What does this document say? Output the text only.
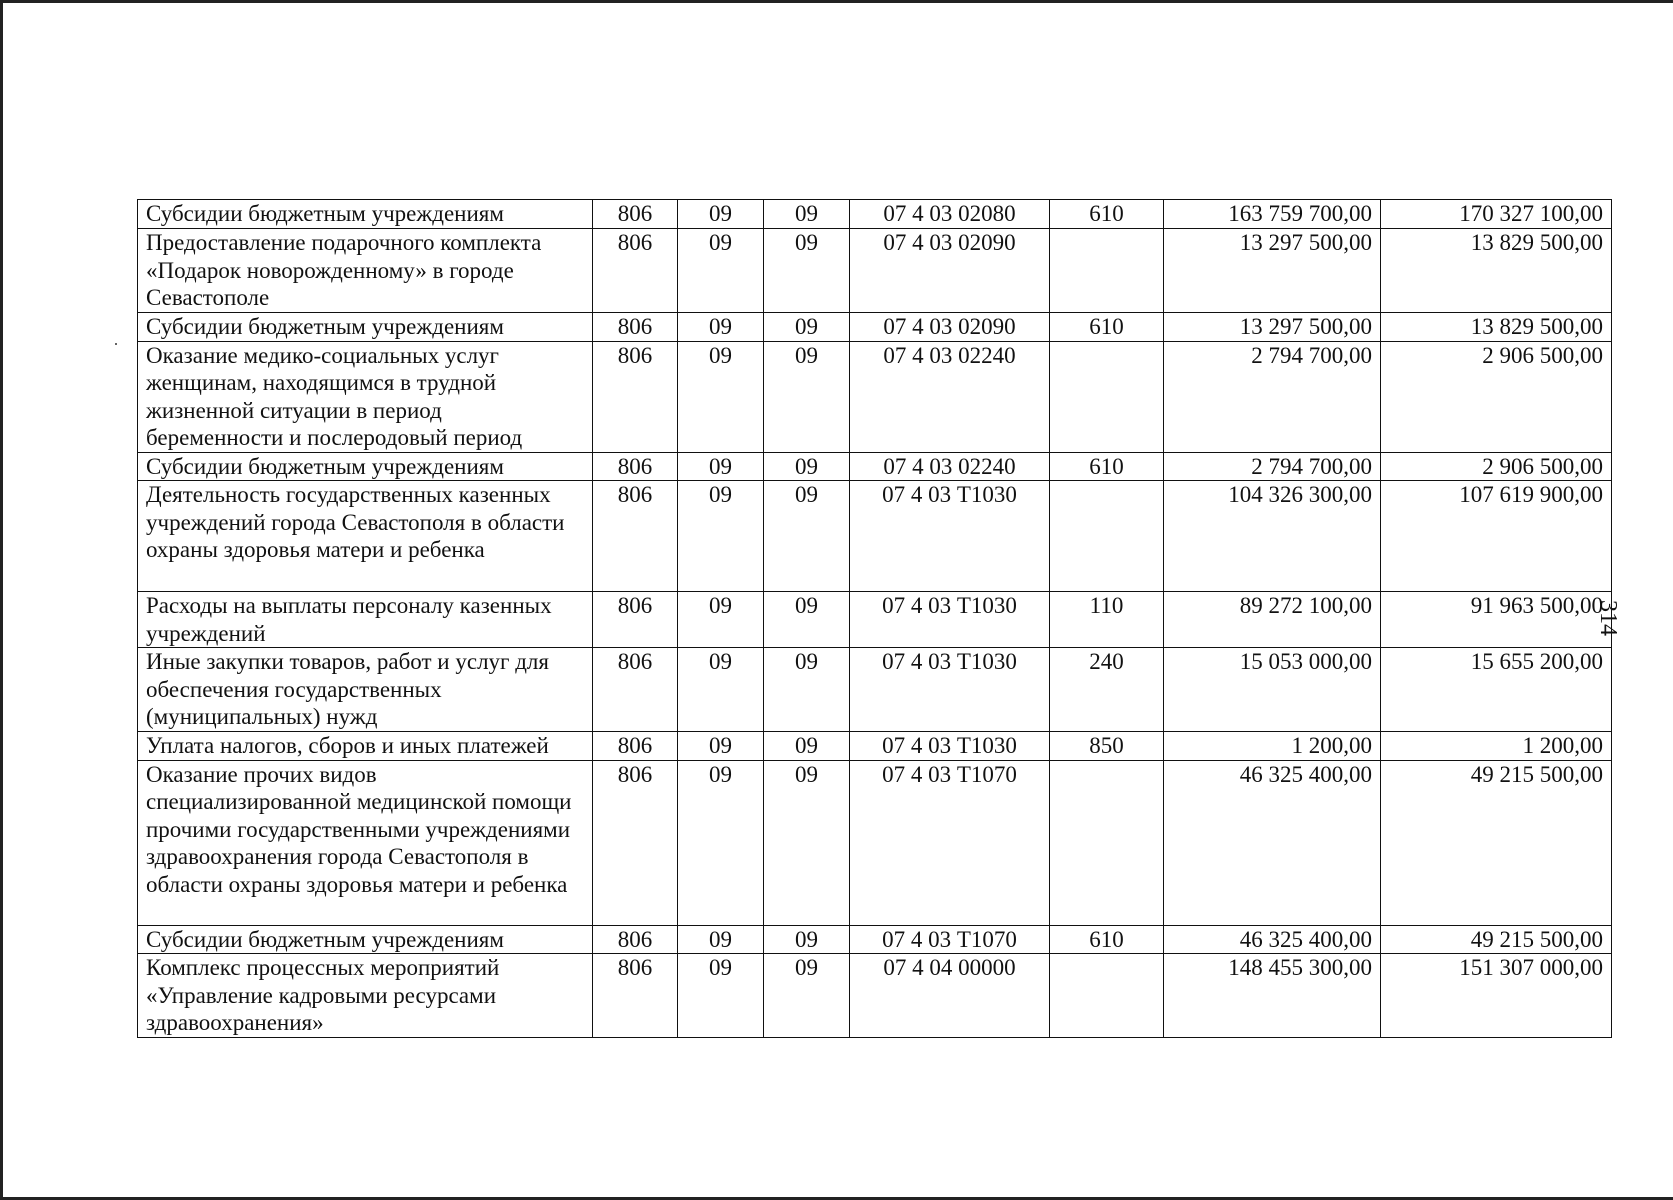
Субсидии бюджетным учреждениям	806	09	09	07 4 03 02080	610	163 759 700,00	170 327 100,00
Предоставление подарочного комплекта «Подарок новорожденному» в городе Севастополе	806	09	09	07 4 03 02090		13 297 500,00	13 829 500,00
Субсидии бюджетным учреждениям	806	09	09	07 4 03 02090	610	13 297 500,00	13 829 500,00
Оказание медико-социальных услуг женщинам, находящимся в трудной жизненной ситуации в период беременности и послеродовый период	806	09	09	07 4 03 02240		2 794 700,00	2 906 500,00
Субсидии бюджетным учреждениям	806	09	09	07 4 03 02240	610	2 794 700,00	2 906 500,00
Деятельность государственных казенных учреждений города Севастополя в области охраны здоровья матери и ребенка	806	09	09	07 4 03 Т1030		104 326 300,00	107 619 900,00
Расходы на выплаты персоналу казенных учреждений	806	09	09	07 4 03 Т1030	110	89 272 100,00	91 963 500,00
Иные закупки товаров, работ и услуг для обеспечения государственных (муниципальных) нужд	806	09	09	07 4 03 Т1030	240	15 053 000,00	15 655 200,00
Уплата налогов, сборов и иных платежей	806	09	09	07 4 03 Т1030	850	1 200,00	1 200,00
Оказание прочих видов специализированной медицинской помощи прочими государственными учреждениями здравоохранения города Севастополя в области охраны здоровья матери и ребенка	806	09	09	07 4 03 Т1070		46 325 400,00	49 215 500,00
Субсидии бюджетным учреждениям	806	09	09	07 4 03 Т1070	610	46 325 400,00	49 215 500,00
Комплекс процессных мероприятий «Управление кадровыми ресурсами здравоохранения»	806	09	09	07 4 04 00000		148 455 300,00	151 307 000,00
314
